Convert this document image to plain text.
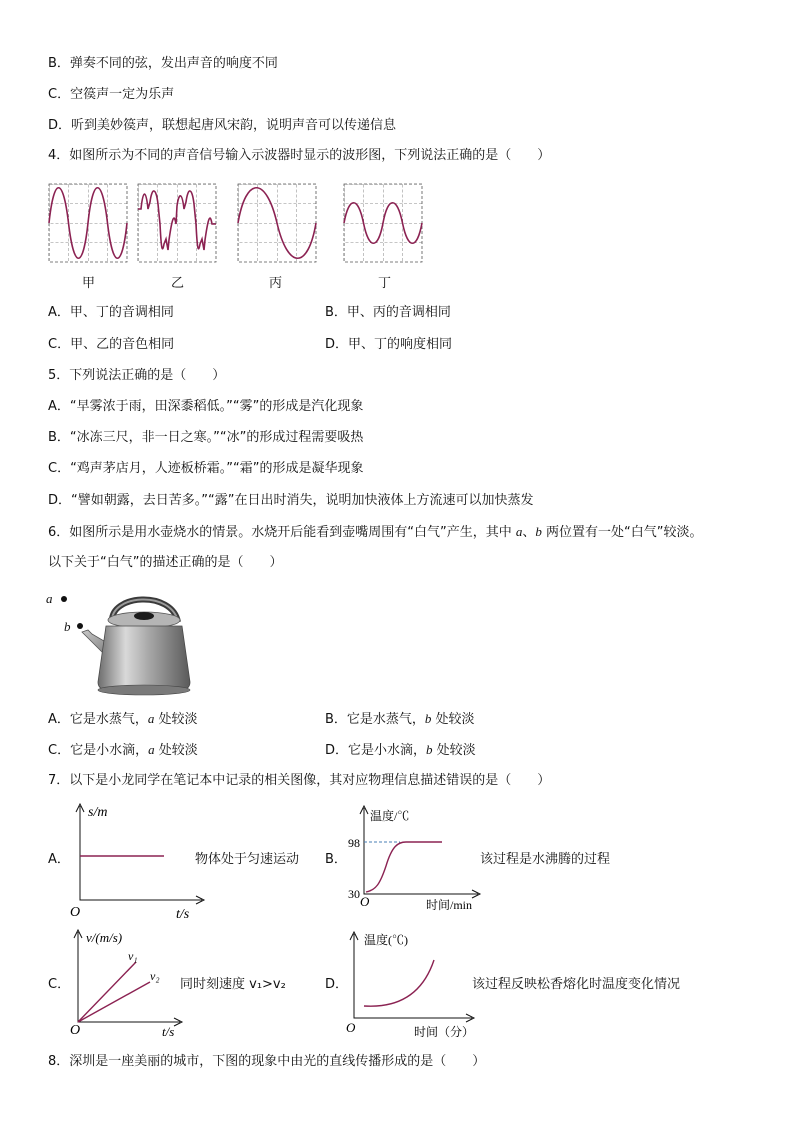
B．弹奏不同的弦，发出声音的响度不同
C．空篌声一定为乐声
D．听到美妙篌声，联想起唐风宋韵，说明声音可以传递信息
4．如图所示为不同的声音信号输入示波器时显示的波形图，下列说法正确的是（　　）
甲	乙	丙	丁
A．甲、丁的音调相同	B．甲、丙的音调相同
C．甲、乙的音色相同	D．甲、丁的响度相同
5．下列说法正确的是（　　）
A．“早雾浓于雨，田深黍稻低。”“雾”的形成是汽化现象
B．“冰冻三尺，非一日之寒。”“冰”的形成过程需要吸热
C．“鸡声茅店月，人迹板桥霜。”“霜”的形成是凝华现象
D．“譬如朝露，去日苦多。”“露”在日出时消失，说明加快液体上方流速可以加快蒸发
6．如图所示是用水壶烧水的情景。水烧开后能看到壶嘴周围有“白气”产生，其中 a、b 两位置有一处“白气”较淡。
以下关于“白气”的描述正确的是（　　）
a
b
A．它是水蒸气，a 处较淡	B．它是水蒸气，b 处较淡
C．它是小水滴，a 处较淡	D．它是小水滴，b 处较淡
7．以下是小龙同学在笔记本中记录的相关图像，其对应物理信息描述错误的是（　　）
A．
s/m
O	t/s
物体处于匀速运动 B．
温度/℃
98
30 O	时间/min
该过程是水沸腾的过程
C．
v/(m/s)
v₁
v₂
O	t/s
同时刻速度 v₁>v₂	D．
温度(℃)
O	时间（分）
该过程反映松香熔化时温度变化情况
8．深圳是一座美丽的城市，下图的现象中由光的直线传播形成的是（　　）
